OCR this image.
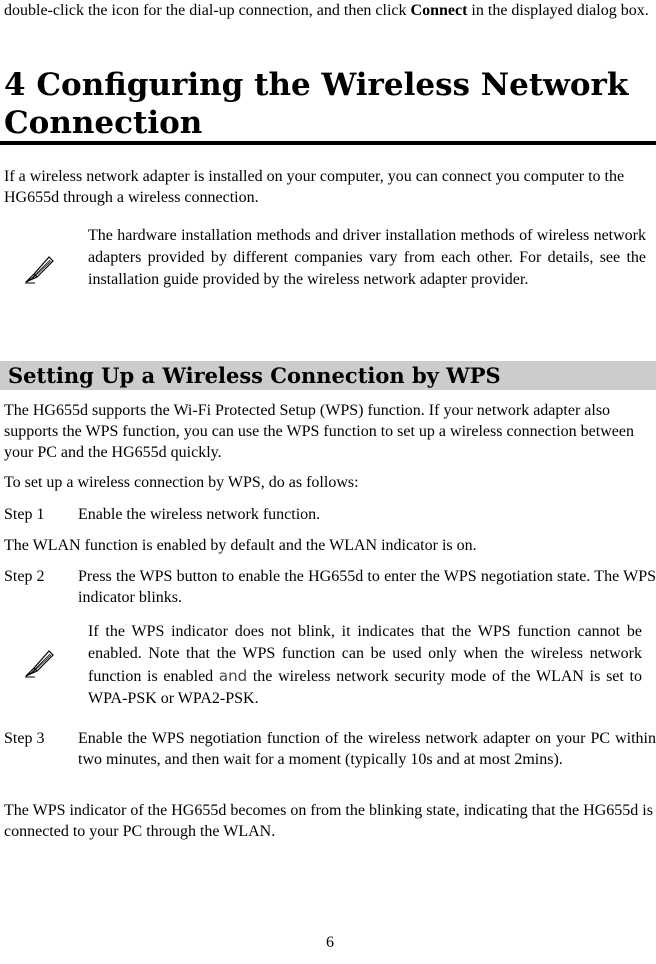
double-click the icon for the dial-up connection, and then click Connect in the displayed dialog box.

4 Configuring the Wireless Network Connection

If a wireless network adapter is installed on your computer, you can connect you computer to the HG655d through a wireless connection.

The hardware installation methods and driver installation methods of wireless network adapters provided by different companies vary from each other. For details, see the installation guide provided by the wireless network adapter provider.

Setting Up a Wireless Connection by WPS

The HG655d supports the Wi-Fi Protected Setup (WPS) function. If your network adapter also supports the WPS function, you can use the WPS function to set up a wireless connection between your PC and the HG655d quickly.

To set up a wireless connection by WPS, do as follows:

Step 1 Enable the wireless network function.

The WLAN function is enabled by default and the WLAN indicator is on.

Step 2 Press the WPS button to enable the HG655d to enter the WPS negotiation state. The WPS indicator blinks.

If the WPS indicator does not blink, it indicates that the WPS function cannot be enabled. Note that the WPS function can be used only when the wireless network function is enabled and the wireless network security mode of the WLAN is set to WPA-PSK or WPA2-PSK.

Step 3 Enable the WPS negotiation function of the wireless network adapter on your PC within two minutes, and then wait for a moment (typically 10s and at most 2mins).

The WPS indicator of the HG655d becomes on from the blinking state, indicating that the HG655d is connected to your PC through the WLAN.

6
